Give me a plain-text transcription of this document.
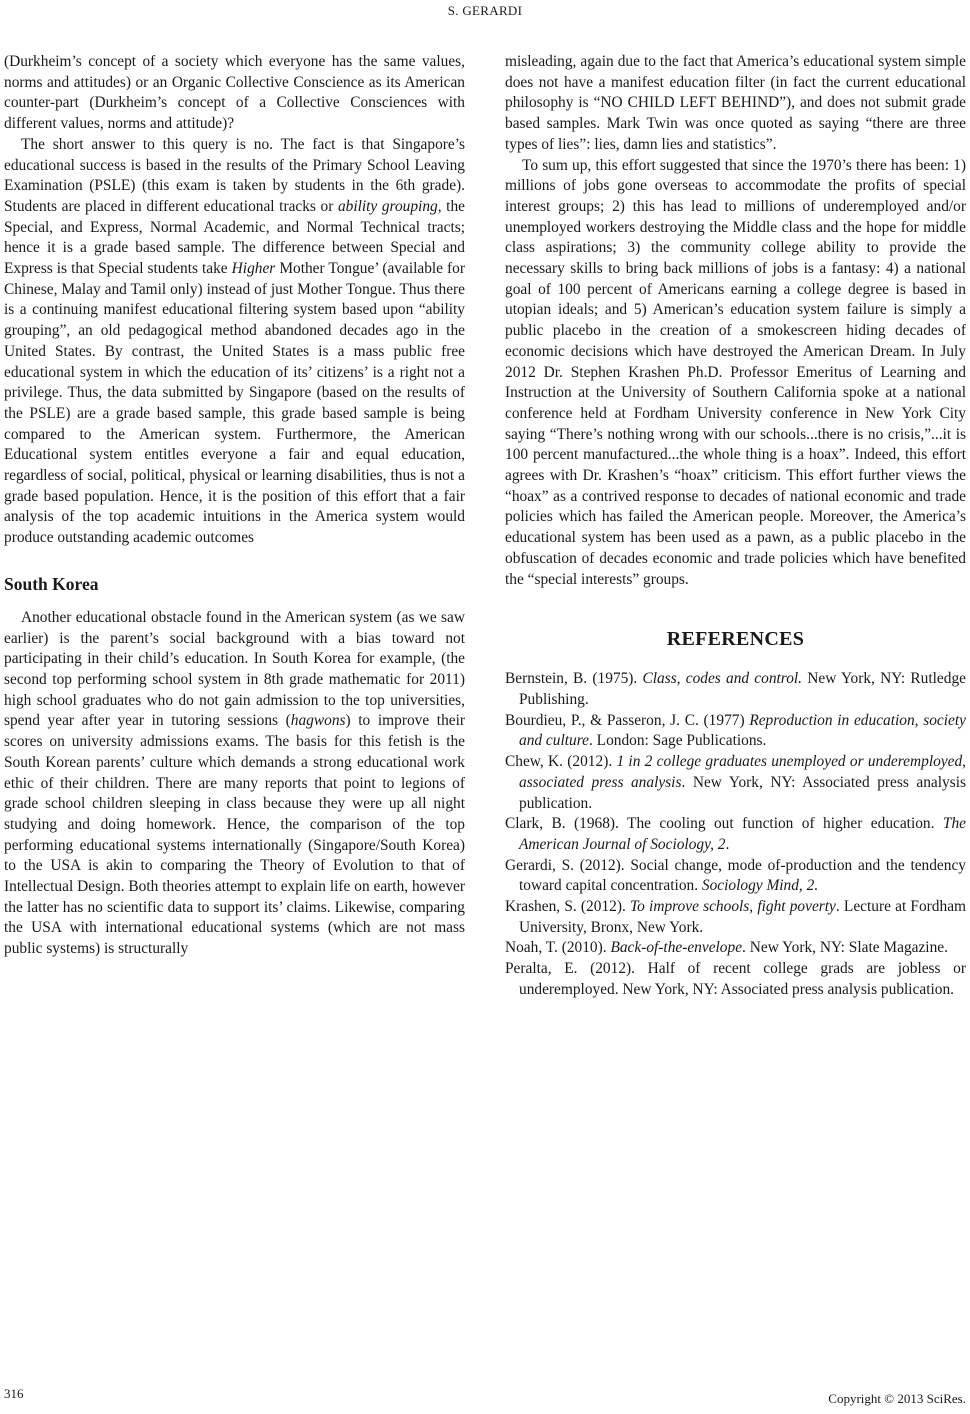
S. GERARDI

(Durkheim’s concept of a society which everyone has the same values, norms and attitudes) or an Organic Collective Conscience as its American counter-part (Durkheim’s concept of a Collective Consciences with different values, norms and attitude)?

The short answer to this query is no. The fact is that Singapore’s educational success is based in the results of the Primary School Leaving Examination (PSLE) (this exam is taken by students in the 6th grade). Students are placed in different educational tracks or ability grouping, the Special, and Express, Normal Academic, and Normal Technical tracts; hence it is a grade based sample. The difference between Special and Express is that Special students take Higher Mother Tongue’ (available for Chinese, Malay and Tamil only) instead of just Mother Tongue. Thus there is a continuing manifest educational filtering system based upon “ability grouping”, an old pedagogical method abandoned decades ago in the United States. By contrast, the United States is a mass public free educational system in which the education of its’ citizens’ is a right not a privilege. Thus, the data submitted by Singapore (based on the results of the PSLE) are a grade based sample, this grade based sample is being compared to the American system. Furthermore, the American Educational system entitles everyone a fair and equal education, regardless of social, political, physical or learning disabilities, thus is not a grade based population. Hence, it is the position of this effort that a fair analysis of the top academic intuitions in the America system would produce outstanding academic outcomes

South Korea

Another educational obstacle found in the American system (as we saw earlier) is the parent’s social background with a bias toward not participating in their child’s education. In South Korea for example, (the second top performing school system in 8th grade mathematic for 2011) high school graduates who do not gain admission to the top universities, spend year after year in tutoring sessions (hagwons) to improve their scores on university admissions exams. The basis for this fetish is the South Korean parents’ culture which demands a strong educational work ethic of their children. There are many reports that point to legions of grade school children sleeping in class because they were up all night studying and doing homework. Hence, the comparison of the top performing educational systems internationally (Singapore/South Korea) to the USA is akin to comparing the Theory of Evolution to that of Intellectual Design. Both theories attempt to explain life on earth, however the latter has no scientific data to support its’ claims. Likewise, comparing the USA with international educational systems (which are not mass public systems) is structurally

misleading, again due to the fact that America’s educational system simple does not have a manifest education filter (in fact the current educational philosophy is “NO CHILD LEFT BEHIND”), and does not submit grade based samples. Mark Twin was once quoted as saying “there are three types of lies”: lies, damn lies and statistics”.

To sum up, this effort suggested that since the 1970’s there has been: 1) millions of jobs gone overseas to accommodate the profits of special interest groups; 2) this has lead to millions of underemployed and/or unemployed workers destroying the Middle class and the hope for middle class aspirations; 3) the community college ability to provide the necessary skills to bring back millions of jobs is a fantasy: 4) a national goal of 100 percent of Americans earning a college degree is based in utopian ideals; and 5) American’s education system failure is simply a public placebo in the creation of a smokescreen hiding decades of economic decisions which have destroyed the American Dream. In July 2012 Dr. Stephen Krashen Ph.D. Professor Emeritus of Learning and Instruction at the University of Southern California spoke at a national conference held at Fordham University conference in New York City saying “There’s nothing wrong with our schools...there is no crisis,”...it is 100 percent manufactured...the whole thing is a hoax”. Indeed, this effort agrees with Dr. Krashen’s “hoax” criticism. This effort further views the “hoax” as a contrived response to decades of national economic and trade policies which has failed the American people. Moreover, the America’s educational system has been used as a pawn, as a public placebo in the obfuscation of decades economic and trade policies which have benefited the “special interests” groups.

REFERENCES

Bernstein, B. (1975). Class, codes and control. New York, NY: Rutledge Publishing.

Bourdieu, P., & Passeron, J. C. (1977) Reproduction in education, society and culture. London: Sage Publications.

Chew, K. (2012). 1 in 2 college graduates unemployed or underemployed, associated press analysis. New York, NY: Associated press analysis publication.

Clark, B. (1968). The cooling out function of higher education. The American Journal of Sociology, 2.

Gerardi, S. (2012). Social change, mode of-production and the tendency toward capital concentration. Sociology Mind, 2.

Krashen, S. (2012). To improve schools, fight poverty. Lecture at Fordham University, Bronx, New York.

Noah, T. (2010). Back-of-the-envelope. New York, NY: Slate Magazine.

Peralta, E. (2012). Half of recent college grads are jobless or underemployed. New York, NY: Associated press analysis publication.

316	Copyright © 2013 SciRes.
